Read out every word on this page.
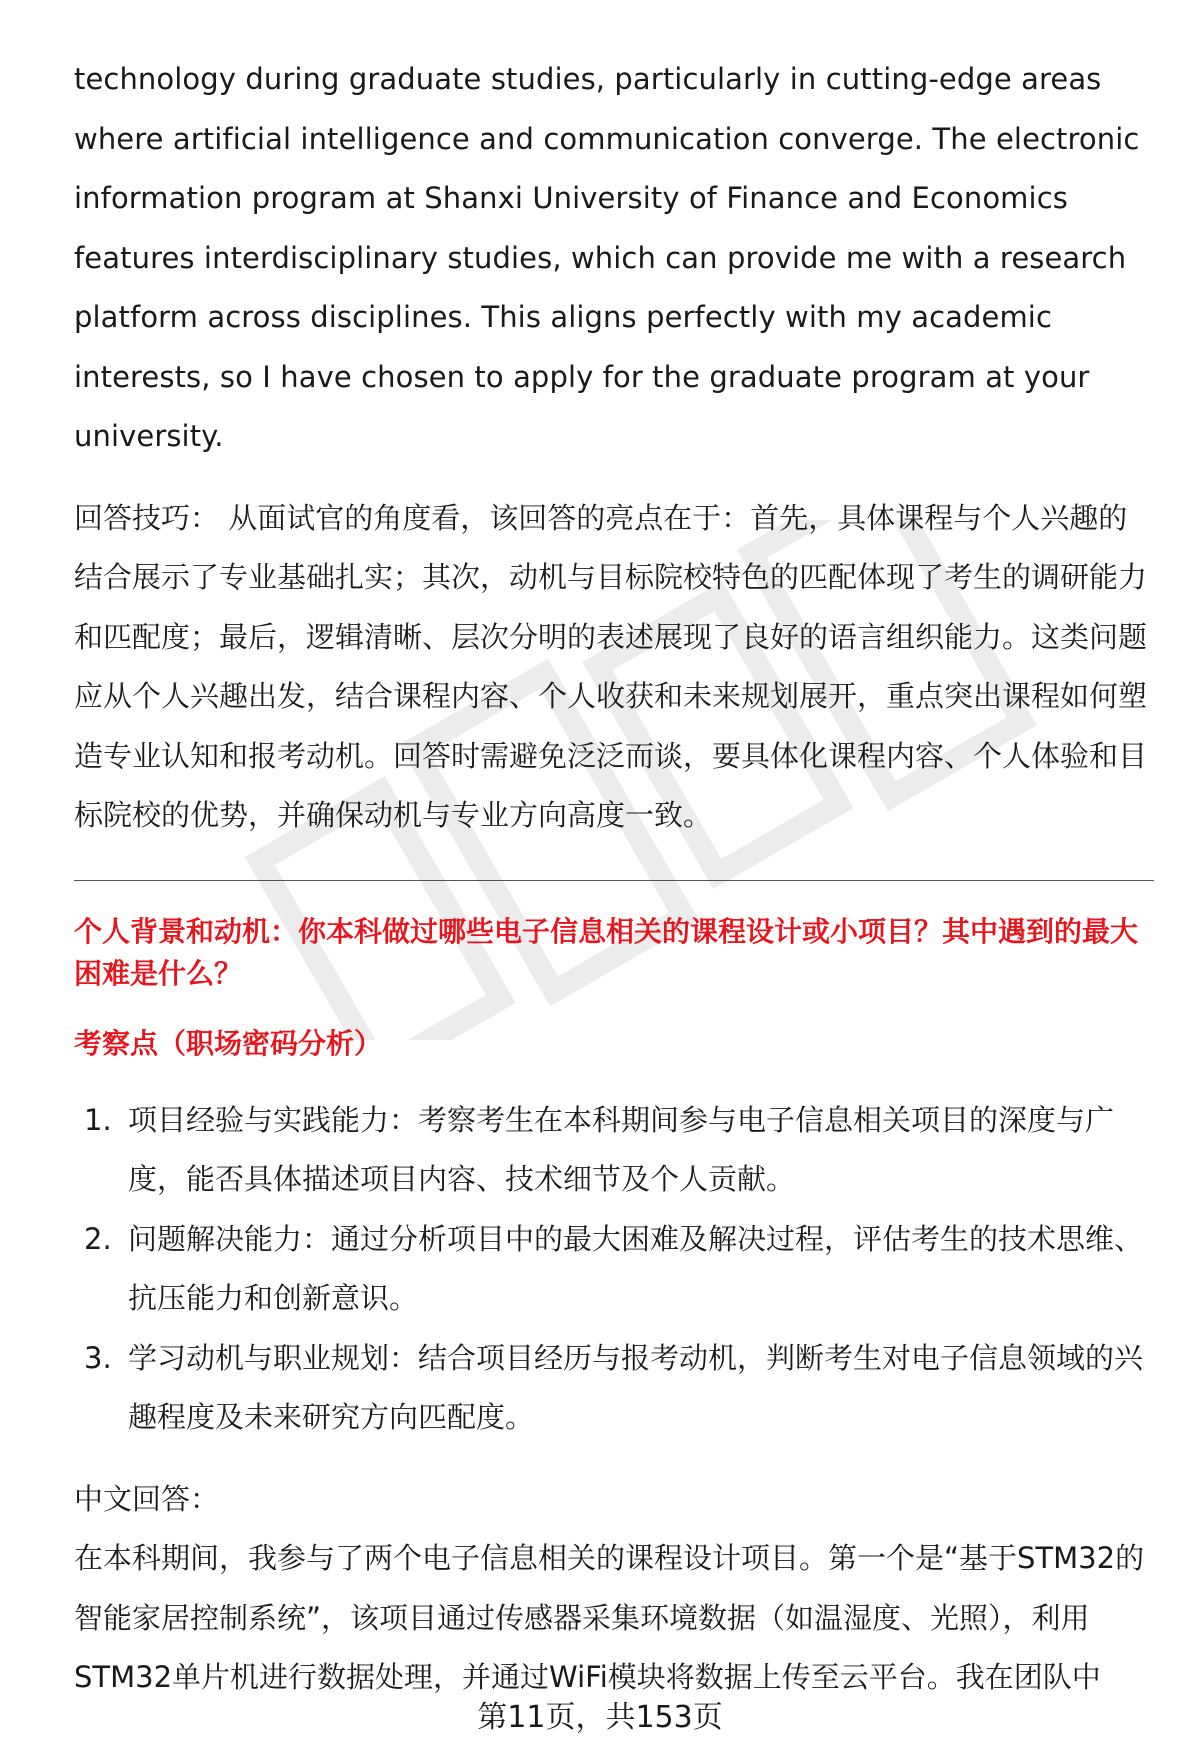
technology during graduate studies, particularly in cutting-edge areas where artificial intelligence and communication converge. The electronic information program at Shanxi University of Finance and Economics features interdisciplinary studies, which can provide me with a research platform across disciplines. This aligns perfectly with my academic interests, so I have chosen to apply for the graduate program at your university.

回答技巧： 从面试官的角度看，该回答的亮点在于：首先，具体课程与个人兴趣的结合展示了专业基础扎实；其次，动机与目标院校特色的匹配体现了考生的调研能力和匹配度；最后，逻辑清晰、层次分明的表述展现了良好的语言组织能力。这类问题应从个人兴趣出发，结合课程内容、个人收获和未来规划展开，重点突出课程如何塑造专业认知和报考动机。回答时需避免泛泛而谈，要具体化课程内容、个人体验和目标院校的优势，并确保动机与专业方向高度一致。

个人背景和动机：你本科做过哪些电子信息相关的课程设计或小项目？其中遇到的最大困难是什么？

考察点（职场密码分析）

1. 项目经验与实践能力：考察考生在本科期间参与电子信息相关项目的深度与广度，能否具体描述项目内容、技术细节及个人贡献。
2. 问题解决能力：通过分析项目中的最大困难及解决过程，评估考生的技术思维、抗压能力和创新意识。
3. 学习动机与职业规划：结合项目经历与报考动机，判断考生对电子信息领域的兴趣程度及未来研究方向匹配度。

中文回答：

在本科期间，我参与了两个电子信息相关的课程设计项目。第一个是“基于STM32的智能家居控制系统”，该项目通过传感器采集环境数据（如温湿度、光照），利用STM32单片机进行数据处理，并通过WiFi模块将数据上传至云平台。我在团队中

第11页，共153页
